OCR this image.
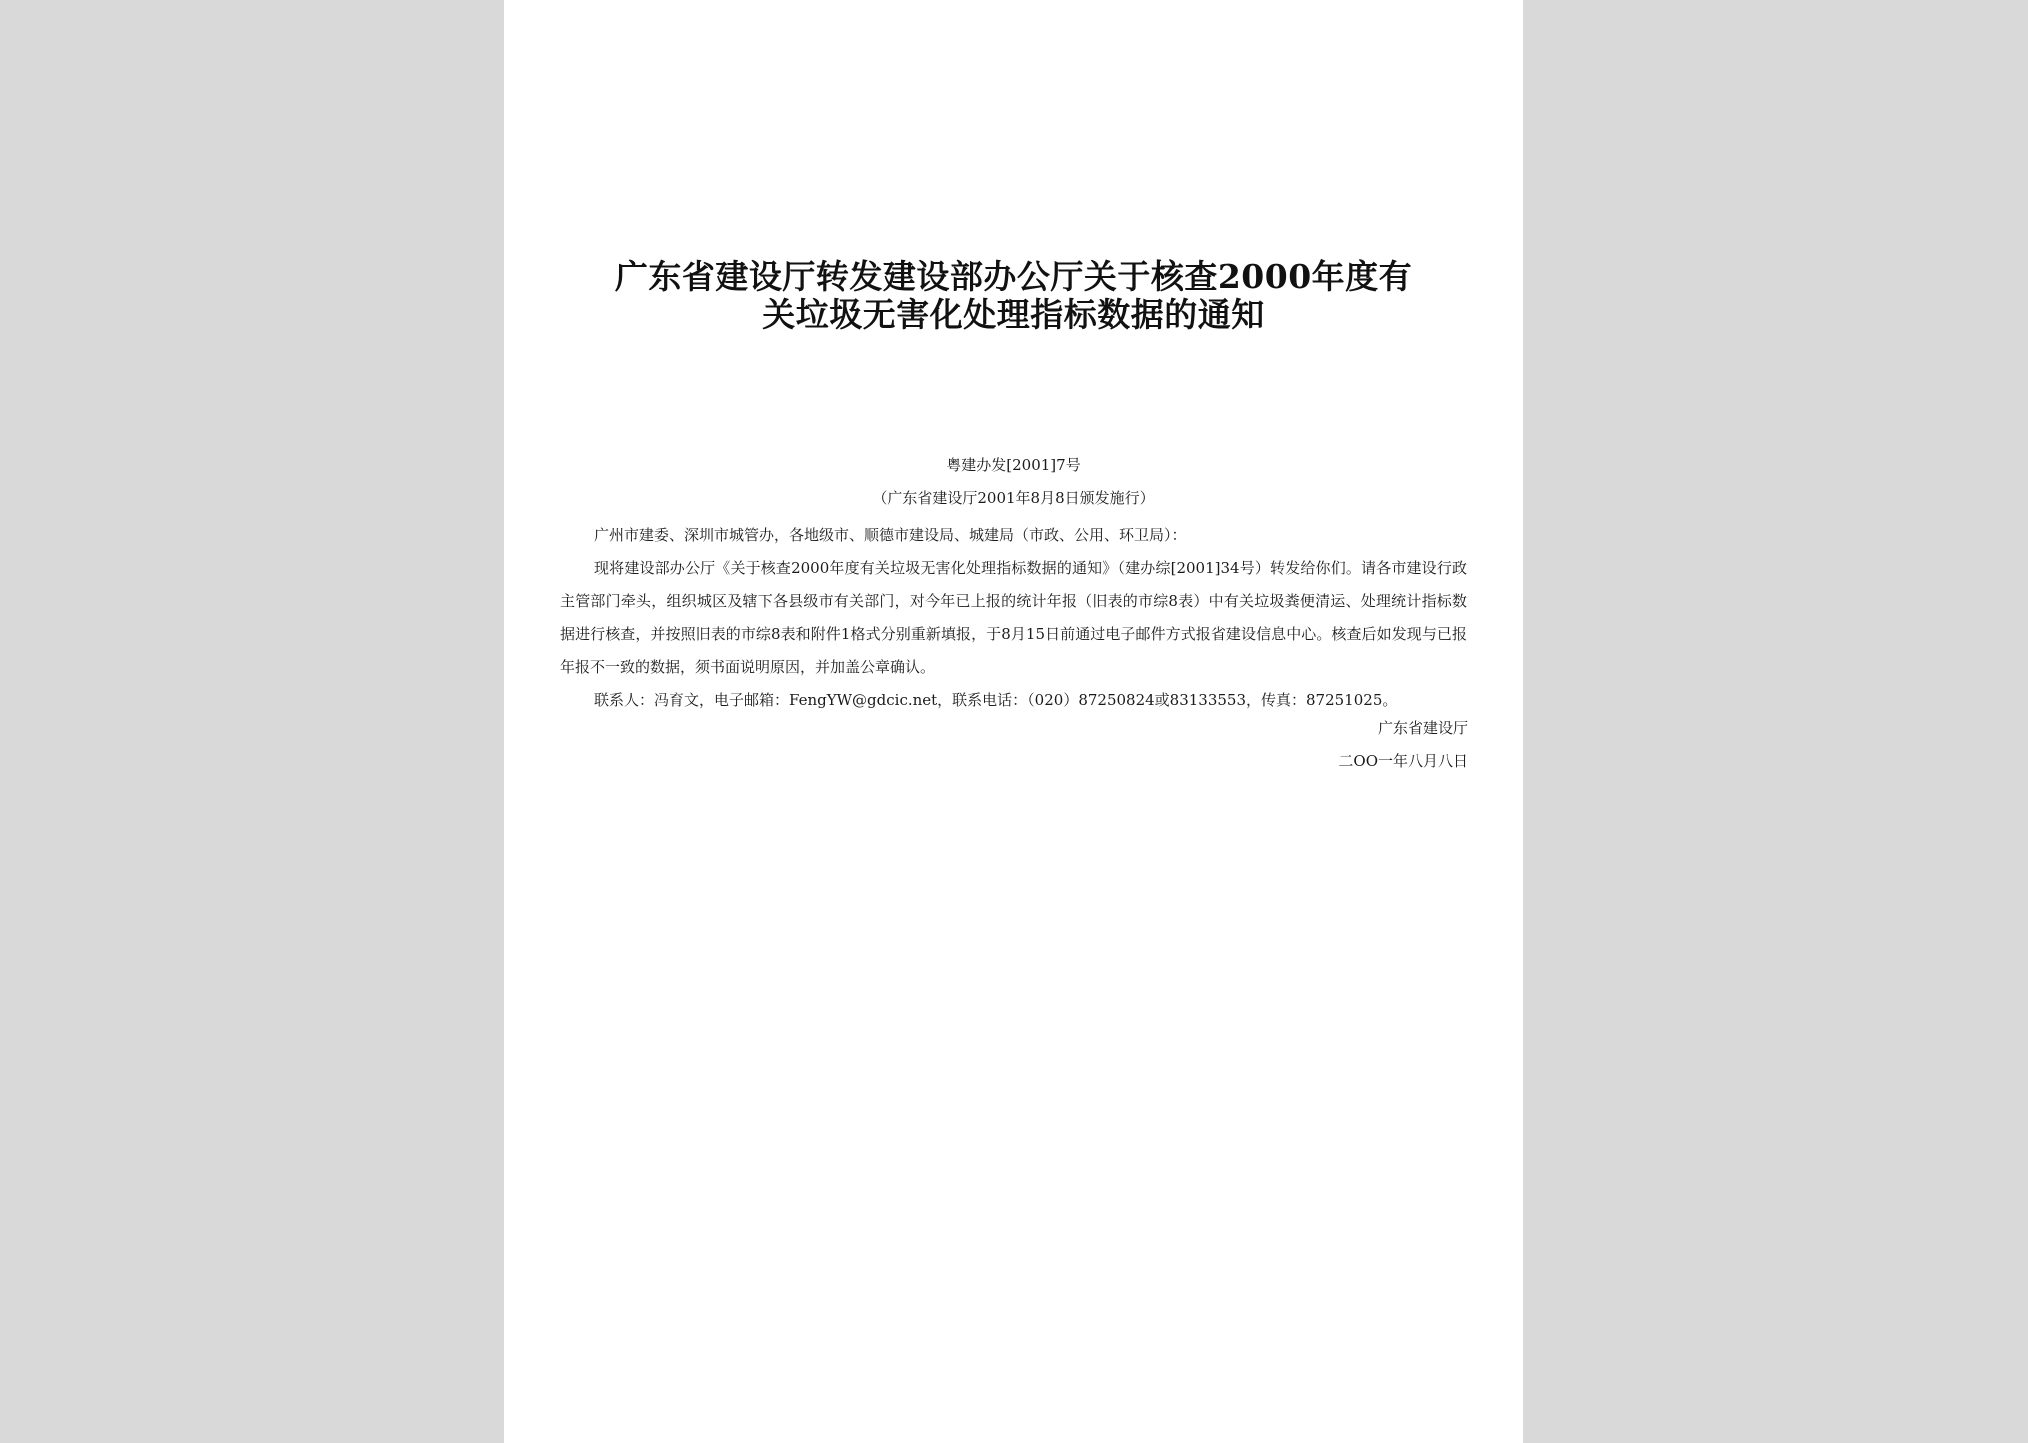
广东省建设厅转发建设部办公厅关于核查2000年度有
关垃圾无害化处理指标数据的通知
粤建办发[2001]7号
（广东省建设厅2001年8月8日颁发施行）

广州市建委、深圳市城管办，各地级市、顺德市建设局、城建局（市政、公用、环卫局）：

现将建设部办公厅《关于核查2000年度有关垃圾无害化处理指标数据的通知》（建办综[2001]34号）转发给你们。请各市建设行政主管部门牵头，组织城区及辖下各县级市有关部门，对今年已上报的统计年报（旧表的市综8表）中有关垃圾粪便清运、处理统计指标数据进行核查，并按照旧表的市综8表和附件1格式分别重新填报，于8月15日前通过电子邮件方式报省建设信息中心。核查后如发现与已报年报不一致的数据，须书面说明原因，并加盖公章确认。

联系人：冯育文，电子邮箱：FengYW@gdcic.net，联系电话：（020）87250824或83133553，传真：87251025。

广东省建设厅
二OO一年八月八日
